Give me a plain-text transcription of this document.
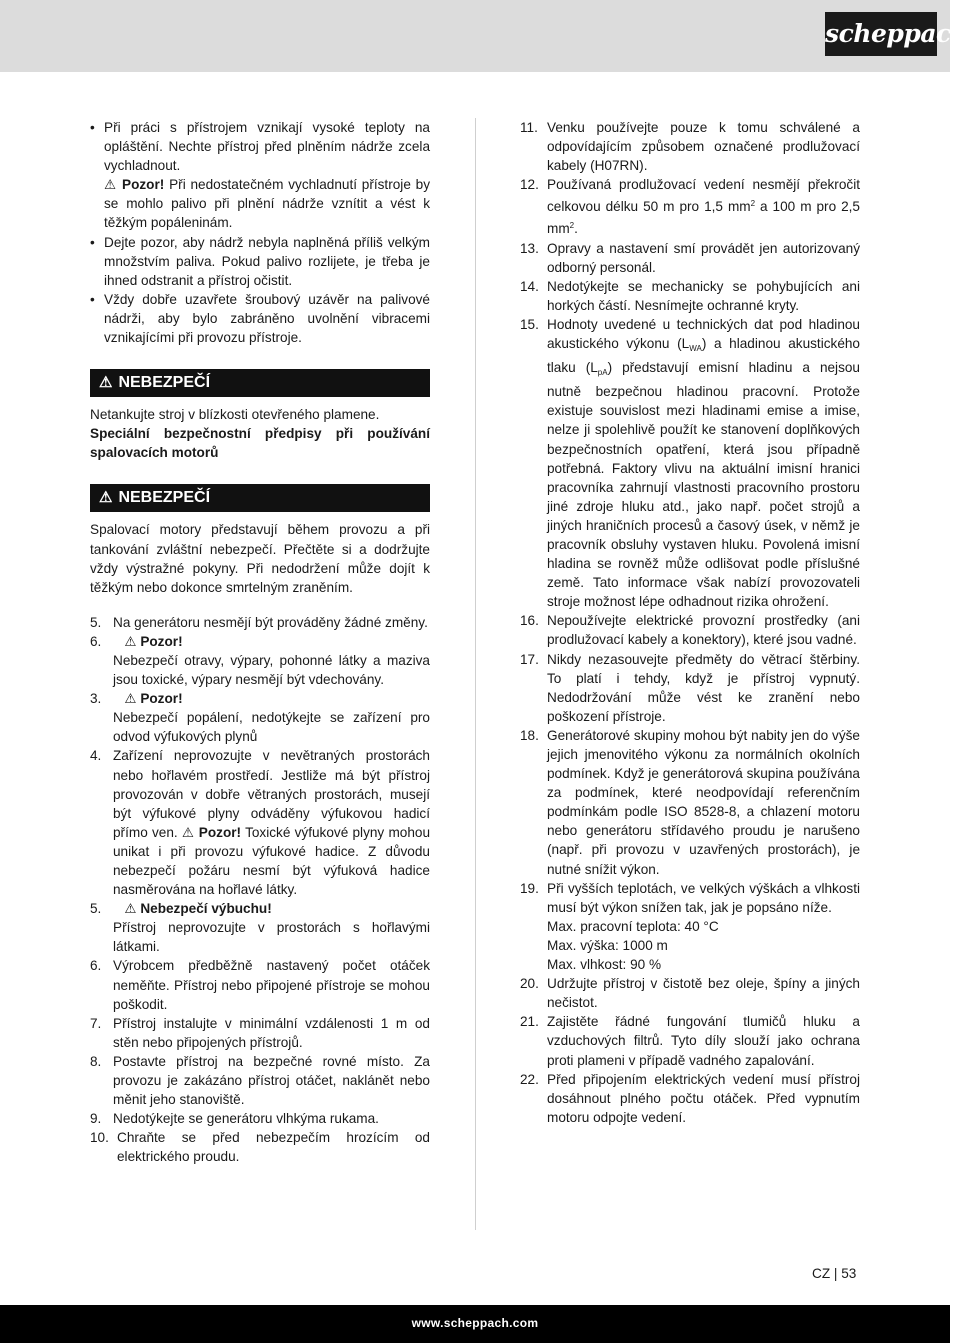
scheppach
• Při práci s přístrojem vznikají vysoké teploty na opláštění. Nechte přístroj před plněním nádrže zcela vychladnout.
⚠ Pozor! Při nedostatečném vychladnutí přístroje by se mohlo palivo při plnění nádrže vznítit a vést k těžkým popáleninám.
• Dejte pozor, aby nádrž nebyla naplněná příliš velkým množstvím paliva. Pokud palivo rozlijete, je třeba je ihned odstranit a přístroj očistit.
• Vždy dobře uzavřete šroubový uzávěr na palivové nádrži, aby bylo zabráněno uvolnění vibracemi vznikajícími při provozu přístroje.
⚠ NEBEZPEČÍ

Netankujte stroj v blízkosti otevřeného plamene.

Speciální bezpečnostní předpisy při používání spalovacích motorů

⚠ NEBEZPEČÍ

Spalovací motory představují během provozu a při tankování zvláštní nebezpečí. Přečtěte si a dodržujte vždy výstražné pokyny. Při nedodržení může dojít k těžkým nebo dokonce smrtelným zraněním.

5. Na generátoru nesmějí být prováděny žádné změny.
6. ⚠ Pozor!
Nebezpečí otravy, výpary, pohonné látky a maziva jsou toxické, výpary nesmějí být vdechovány.
3. ⚠ Pozor!
Nebezpečí popálení, nedotýkejte se zařízení pro odvod výfukových plynů
4. Zařízení neprovozujte v nevětraných prostorách nebo hořlavém prostředí. Jestliže má být přístroj provozován v dobře větraných prostorách, musejí být výfukové plyny odváděny výfukovou hadicí přímo ven. ⚠ Pozor! Toxické výfukové plyny mohou unikat i při provozu výfukové hadice. Z důvodu nebezpečí požáru nesmí být výfuková hadice nasměrována na hořlavé látky.
5. ⚠ Nebezpečí výbuchu!
Přístroj neprovozujte v prostorách s hořlavými látkami.
6. Výrobcem předběžně nastavený počet otáček neměňte. Přístroj nebo připojené přístroje se mohou poškodit.
7. Přístroj instalujte v minimální vzdálenosti 1 m od stěn nebo připojených přístrojů.
8. Postavte přístroj na bezpečné rovné místo. Za provozu je zakázáno přístroj otáčet, naklánět nebo měnit jeho stanoviště.
9. Nedotýkejte se generátoru vlhkýma rukama.
10. Chraňte se před nebezpečím hrozícím od elektrického proudu.
11. Venku používejte pouze k tomu schválené a odpovídajícím způsobem označené prodlužovací kabely (H07RN).
12. Používaná prodlužovací vedení nesmějí překročit celkovou délku 50 m pro 1,5 $mm^2$ a 100 m pro 2,5 $mm^2$.
13. Opravy a nastavení smí provádět jen autorizovaný odborný personál.
14. Nedotýkejte se mechanicky se pohybujících ani horkých částí. Nesnímejte ochranné kryty.
15. Hodnoty uvedené u technických dat pod hladinou akustického výkonu $(L_{WA})$ a hladinou akustického tlaku $(L_{pA})$ představují emisní hladinu a nejsou nutně bezpečnou hladinou pracovní. Protože existuje souvislost mezi hladinami emise a imise, nelze ji spolehlivě použít ke stanovení doplňkových bezpečnostních opatření, která jsou případně potřebná. Faktory vlivu na aktuální imisní hranici pracovníka zahrnují vlastnosti pracovního prostoru jiné zdroje hluku atd., jako např. počet strojů a jiných hraničních procesů a časový úsek, v němž je pracovník obsluhy vystaven hluku. Povolená imisní hladina se rovněž může odlišovat podle příslušné země. Tato informace však nabízí provozovateli stroje možnost lépe odhadnout rizika ohrožení.
16. Nepoužívejte elektrické provozní prostředky (ani prodlužovací kabely a konektory), které jsou vadné.
17. Nikdy nezasouvejte předměty do větrací štěrbiny. To platí i tehdy, když je přístroj vypnutý. Nedodržování může vést ke zranění nebo poškození přístroje.
18. Generátorové skupiny mohou být nabity jen do výše jejich jmenovitého výkonu za normálních okolních podmínek. Když je generátorová skupina používána za podmínek, které neodpovídají referenčním podmínkám podle ISO 8528-8, a chlazení motoru nebo generátoru střídavého proudu je narušeno (např. při provozu v uzavřených prostorách), je nutné snížit výkon.
19. Při vyšších teplotách, ve velkých výškách a vlhkosti musí být výkon snížen tak, jak je popsáno níže.
Max. pracovní teplota: 40 °C
Max. výška: 1000 m
Max. vlhkost: 90 %
20. Udržujte přístroj v čistotě bez oleje, špíny a jiných nečistot.
21. Zajistěte řádné fungování tlumičů hluku a vzduchových filtrů. Tyto díly slouží jako ochrana proti plameni v případě vadného zapalování.
22. Před připojením elektrických vedení musí přístroj dosáhnout plného počtu otáček. Před vypnutím motoru odpojte vedení.
CZ | 53
www.scheppach.com
